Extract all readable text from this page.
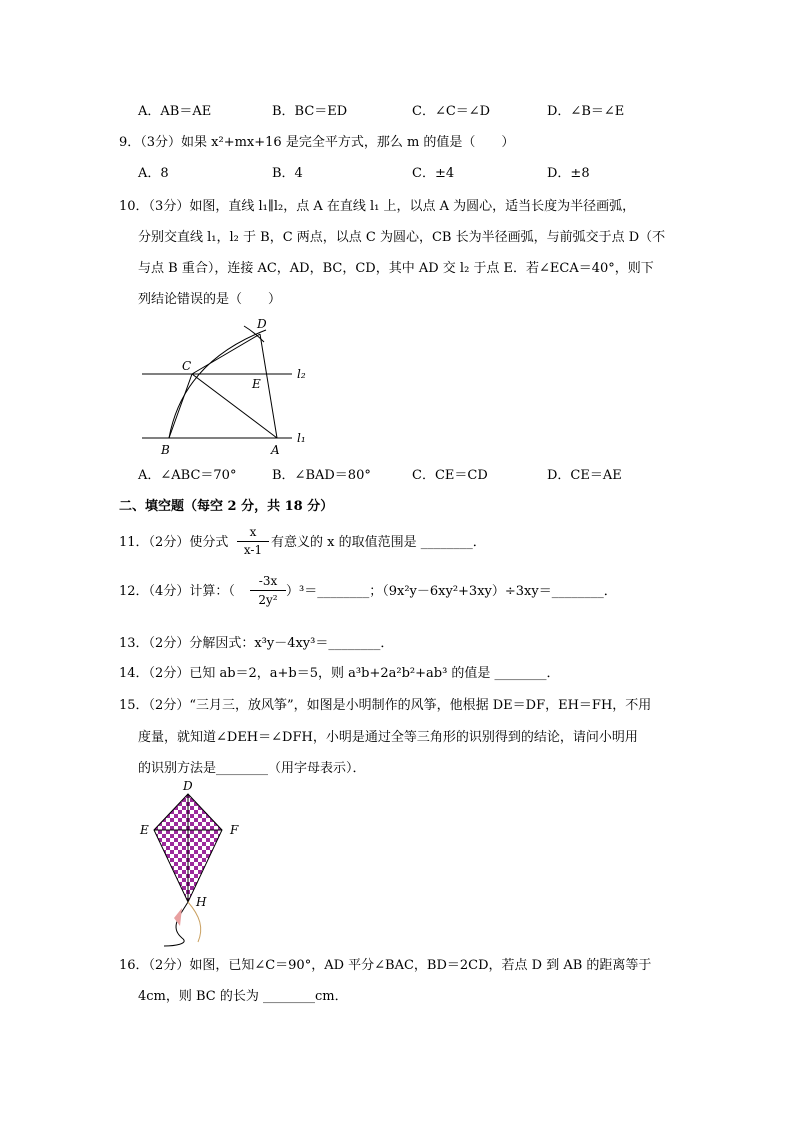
A．AB＝AE	B．BC＝ED	C．∠C＝∠D	D．∠B＝∠E
9．（3分）如果 x²+mx+16 是完全平方式，那么 m 的值是（　　）
A．8	B．4	C．±4	D．±8
10．（3分）如图，直线 l₁∥l₂，点 A 在直线 l₁ 上，以点 A 为圆心，适当长度为半径画弧，
分别交直线 l₁，l₂ 于 B，C 两点，以点 C 为圆心，CB 长为半径画弧，与前弧交于点 D（不
与点 B 重合），连接 AC，AD，BC，CD，其中 AD 交 l₂ 于点 E．若∠ECA＝40°，则下
列结论错误的是（　　）
D
C
E
B	A
l₂
l₁
A．∠ABC＝70°	B．∠BAD＝80°	C．CE＝CD	D．CE＝AE
二、填空题（每空 2 分，共 18 分）
11．（2分）使分式
x
x-1 有意义的 x 的取值范围是 ________．
12．（4分）计算：（
-3x
2y²
）³＝________；（9x²y－6xy²+3xy）÷3xy＝________．
13．（2分）分解因式：x³y－4xy³＝________．
14．（2分）已知 ab＝2，a+b＝5，则 a³b+2a²b²+ab³ 的值是 ________．
15．（2分）“三月三，放风筝”，如图是小明制作的风筝，他根据 DE＝DF，EH＝FH，不用
度量，就知道∠DEH＝∠DFH，小明是通过全等三角形的识别得到的结论，请问小明用
的识别方法是________（用字母表示）．
D
E	F
H
16．（2分）如图，已知∠C＝90°，AD 平分∠BAC，BD＝2CD，若点 D 到 AB 的距离等于
4cm，则 BC 的长为 ________cm．
